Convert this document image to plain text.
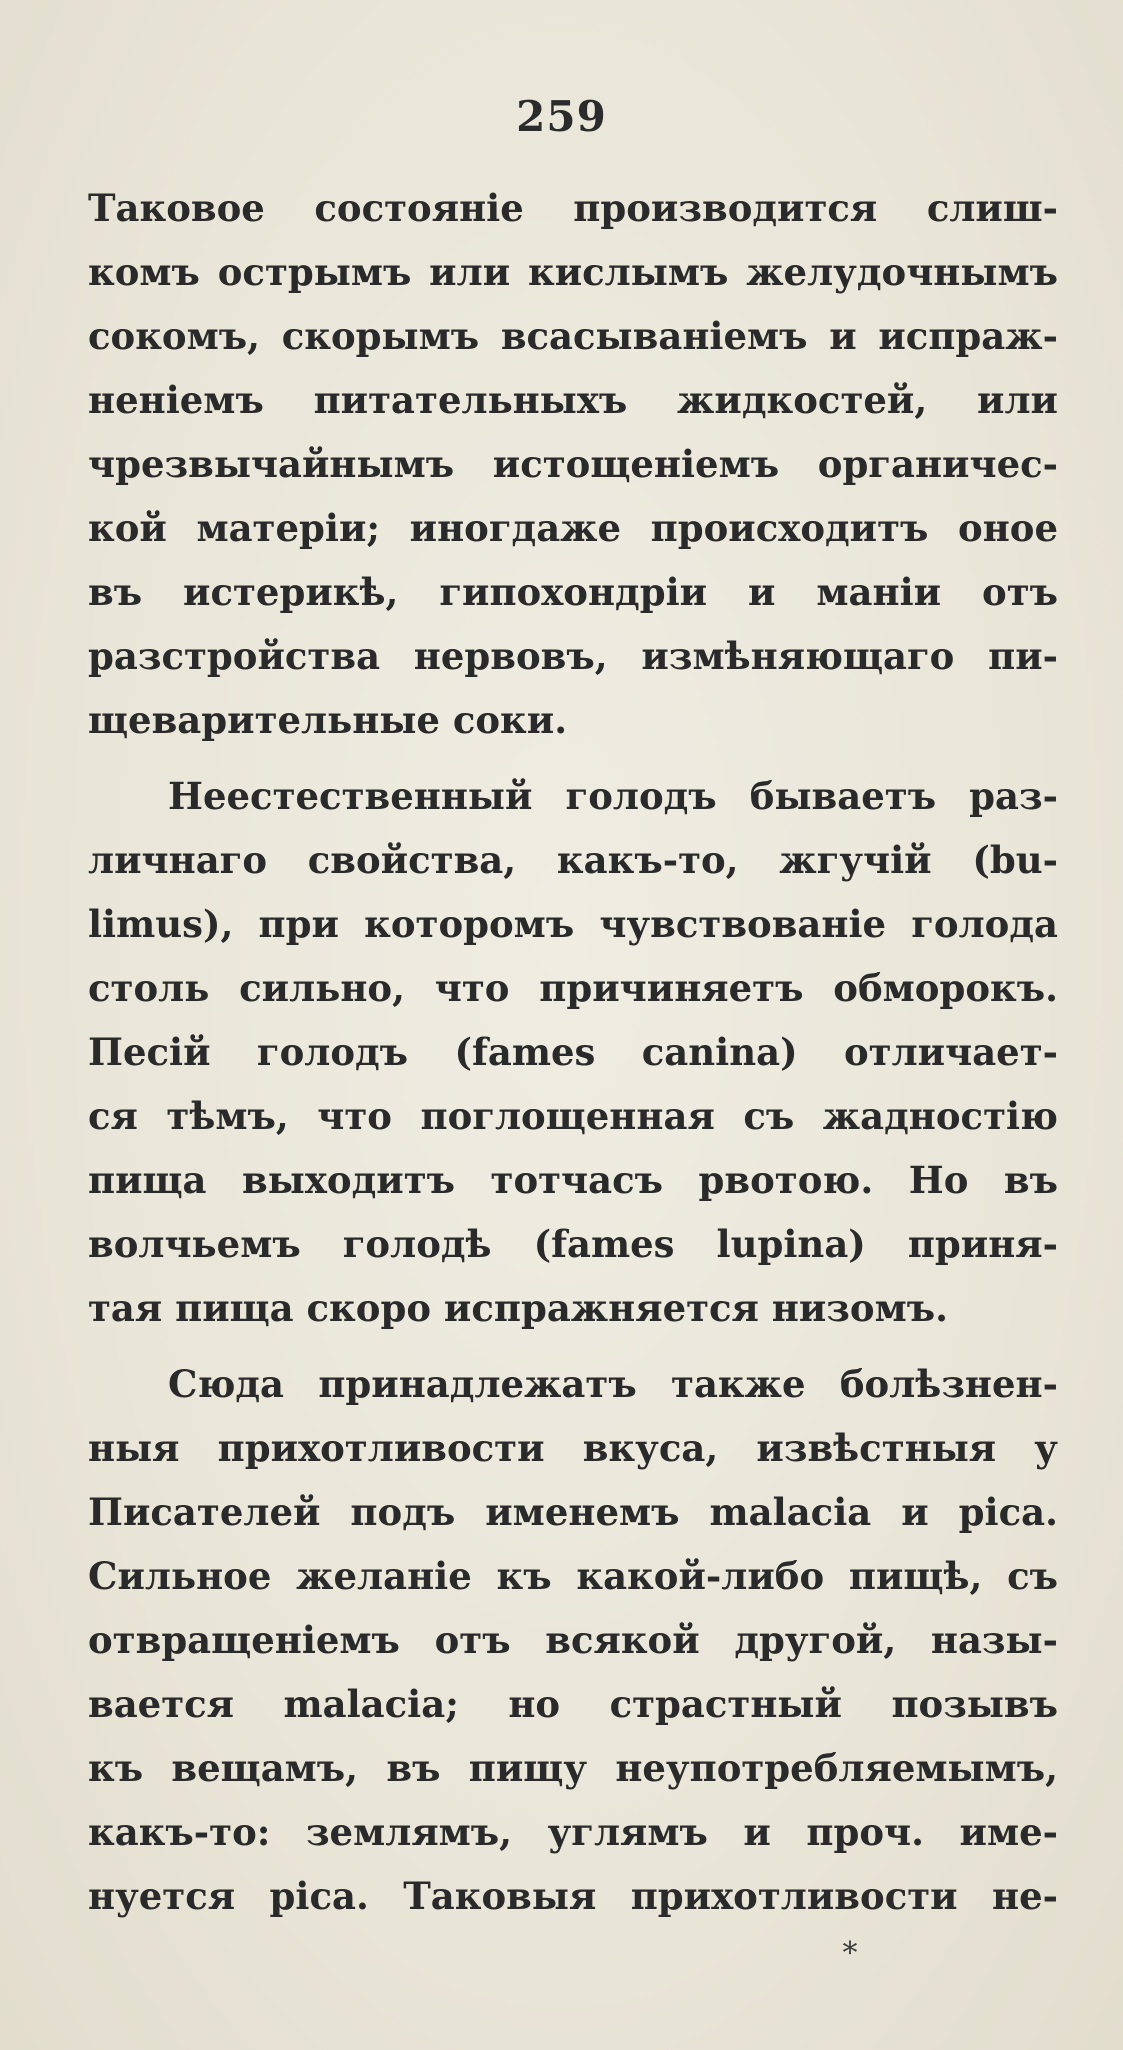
259
Таковое состоянiе производится слиш-
комъ острымъ или кислымъ желудочнымъ
сокомъ, скорымъ всасыванiемъ и испраж-
ненiемъ питательныхъ жидкостей, или
чрезвычайнымъ истощенiемъ органичес-
кой матерiи; иногдаже происходитъ оное
въ истерикѣ, гипохондрiи и манiи отъ
разстройства нервовъ, измѣняющаго пи-
щеварительные соки.
Неестественный голодъ бываетъ раз-
личнаго свойства, какъ-то, жгучiй (bu-
limus), при которомъ чувствованiе голода
столь сильно, что причиняетъ обморокъ.
Песiй голодъ (fames canina) отличает-
ся тѣмъ, что поглощенная съ жадностiю
пища выходитъ тотчасъ рвотою. Но въ
волчьемъ голодѣ (fames lupina) приня-
тая пища скоро испражняется низомъ.
Сюда принадлежатъ также болѣзнен-
ныя прихотливости вкуса, извѣстныя у
Писателей подъ именемъ malacia и pica.
Сильное желанiе къ какой-либо пищѣ, съ
отвращенiемъ отъ всякой другой, назы-
вается malacia; но страстный позывъ
къ вещамъ, въ пищу неупотребляемымъ,
какъ-то: землямъ, углямъ и проч. име-
нуется pica. Таковыя прихотливости не-
*
